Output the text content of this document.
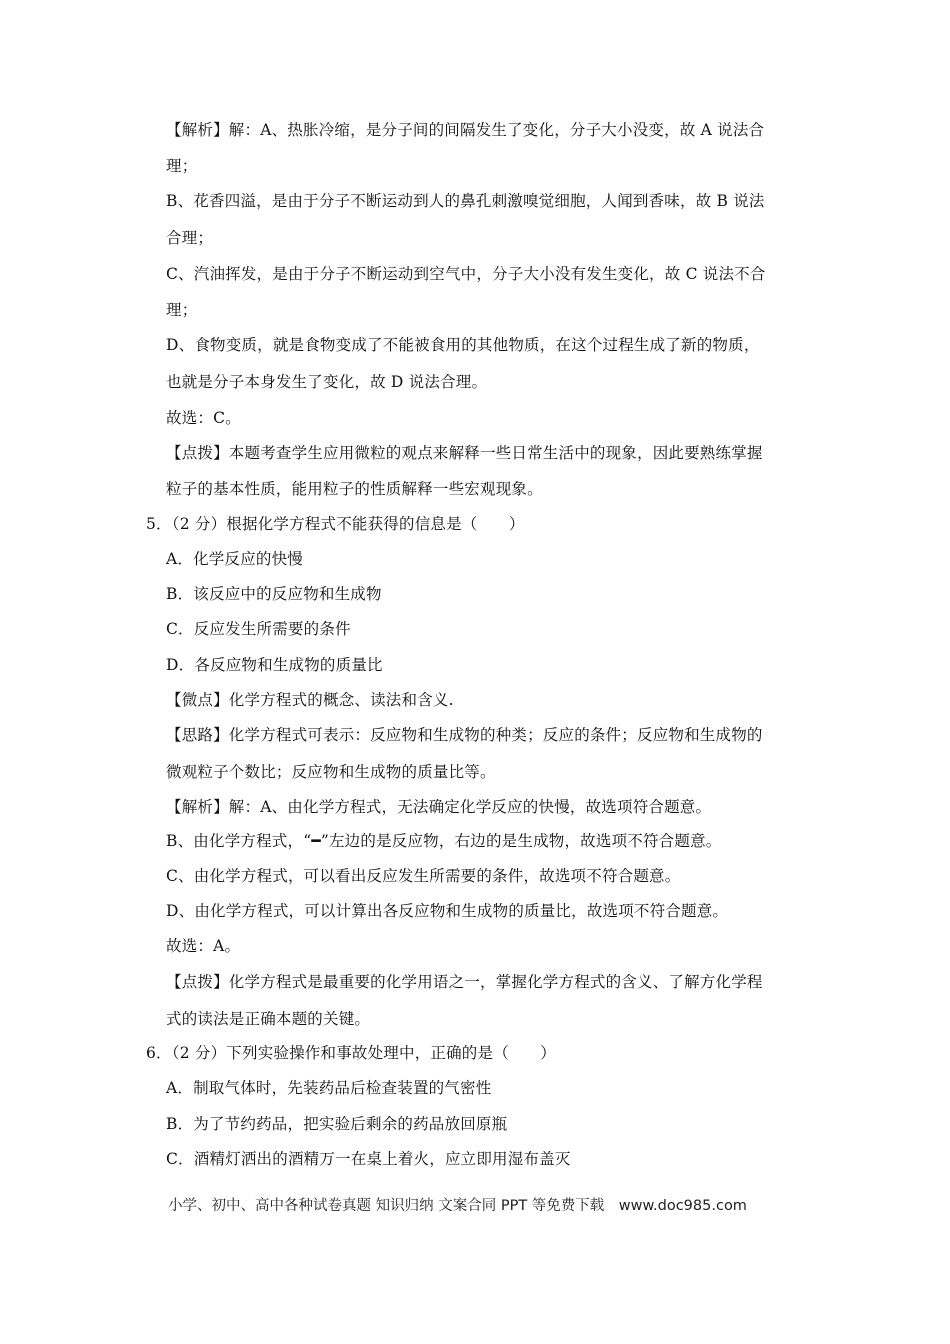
【解析】解：A、热胀冷缩，是分子间的间隔发生了变化，分子大小没变，故 A 说法合
理；
B、花香四溢，是由于分子不断运动到人的鼻孔刺激嗅觉细胞，人闻到香味，故 B 说法
合理；
C、汽油挥发，是由于分子不断运动到空气中，分子大小没有发生变化，故 C 说法不合
理；
D、食物变质，就是食物变成了不能被食用的其他物质，在这个过程生成了新的物质，
也就是分子本身发生了变化，故 D 说法合理。
故选：C。
【点拨】本题考查学生应用微粒的观点来解释一些日常生活中的现象，因此要熟练掌握
粒子的基本性质，能用粒子的性质解释一些宏观现象。
5．（2 分）根据化学方程式不能获得的信息是（　　）
A．化学反应的快慢
B．该反应中的反应物和生成物
C．反应发生所需要的条件
D．各反应物和生成物的质量比
【微点】化学方程式的概念、读法和含义.
【思路】化学方程式可表示：反应物和生成物的种类；反应的条件；反应物和生成物的
微观粒子个数比；反应物和生成物的质量比等。
【解析】解：A、由化学方程式，无法确定化学反应的快慢，故选项符合题意。
B、由化学方程式，“━”左边的是反应物，右边的是生成物，故选项不符合题意。
C、由化学方程式，可以看出反应发生所需要的条件，故选项不符合题意。
D、由化学方程式，可以计算出各反应物和生成物的质量比，故选项不符合题意。
故选：A。
【点拨】化学方程式是最重要的化学用语之一，掌握化学方程式的含义、了解方化学程
式的读法是正确本题的关键。
6．（2 分）下列实验操作和事故处理中，正确的是（　　）
A．制取气体时，先装药品后检查装置的气密性
B．为了节约药品，把实验后剩余的药品放回原瓶
C．酒精灯洒出的酒精万一在桌上着火，应立即用湿布盖灭
小学、初中、高中各种试卷真题 知识归纳 文案合同 PPT 等免费下载　www.doc985.com
